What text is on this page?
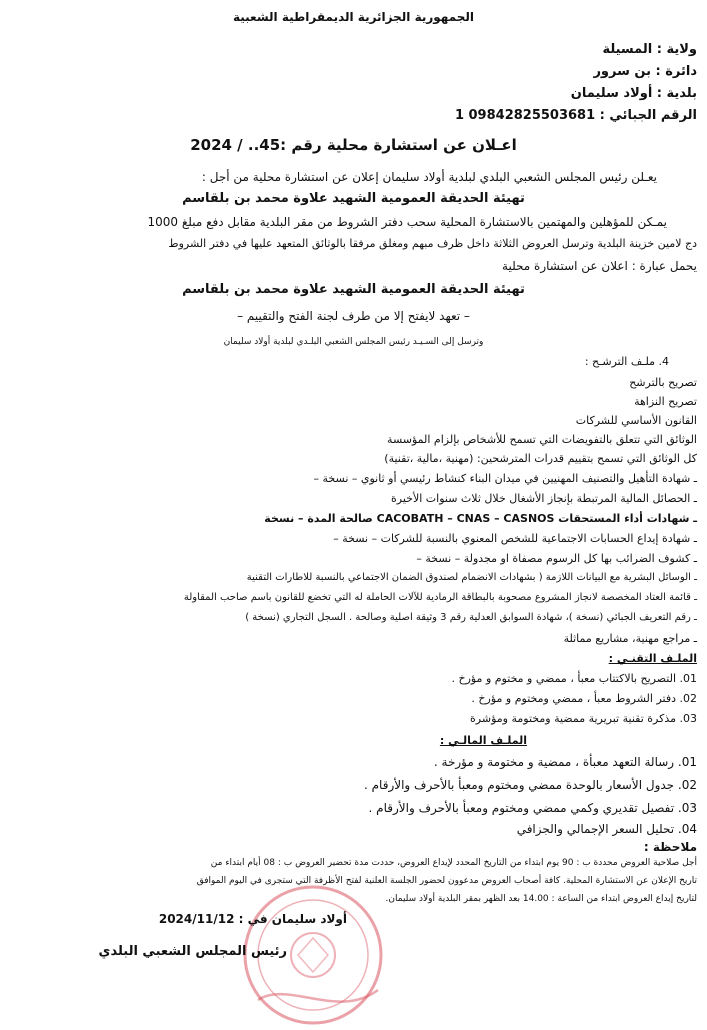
الجمهورية الجزائرية الديمقراطية الشعبية
ولاية : المسيلة
دائرة : بن سرور
بلدية : أولاد سليمان
الرقم الجبائي : 09842825503681 1
اعـلان عن استشارة محلية رقم :45.. / 2024
يعـلن رئيس المجلس الشعبي البلدي لبلدية أولاد سليمان إعلان عن استشارة محلية من أجل :
تهيئة الحديقة العمومية الشهيد علاوة محمد بن بلقاسم
يمـكن للمؤهلين والمهتمين بالاستشارة المحلية سحب دفتر الشروط من مقر البلدية مقابل دفع مبلغ 1000
دج لامين خزينة البلدية وترسل العروض الثلاثة داخل ظرف مبهم ومغلق مرفقا بالوثائق المتعهد عليها في دفتر الشروط
يحمل عبارة : اعلان عن استشارة محلية
تهيئة الحديقة العمومية الشهيد علاوة محمد بن بلقاسم
– تعهد لايفتح إلا من طرف لجنة الفتح والتقييم –
وترسل إلى السـيـد رئيس المجلس الشعبي البلـدي لبلدية أولاد سليمان
4. ملـف الترشـح :
تصريح بالترشح
تصريح النزاهة
القانون الأساسي للشركات
الوثائق التي تتعلق بالتفويضات التي تسمح للأشخاص بإلزام المؤسسة
كل الوثائق التي تسمح بتقييم قدرات المترشحين: (مهنية ،مالية ،تقنية)
ـ شهادة التأهيل والتصنيف المهنيين في ميدان البناء كنشاط رئيسي أو ثانوي – نسخة –
ـ الحصائل المالية المرتبطة بإنجاز الأشغال خلال ثلاث سنوات الأخيرة
ـ شهادات أداء المستحقات CACOBATH – CNAS – CASNOS صالحة المدة – نسخة
ـ شهادة إيداع الحسابات الاجتماعية للشخص المعنوي بالنسبة للشركات – نسخة –
ـ كشوف الضرائب بها كل الرسوم مصفاة او مجدولة – نسخة –
ـ الوسائل البشرية مع البيانات اللازمة ( بشهادات الانضمام لصندوق الضمان الاجتماعي بالنسبة للاطارات التقنية
ـ قائمة العتاد المخصصة لانجاز المشروع مصحوبة بالبطاقة الرمادية للآلات الحاملة له التي تخضع للقانون باسم صاحب المقاولة
ـ رقم التعريف الجبائي (نسخة )، شهادة السوابق العدلية رقم 3 وثيقة اصلية وصالحة . السجل التجاري (نسخة )
ـ مراجع مهنية، مشاريع مماثلة
الملـف التقنـي :
01. التصريح بالاكتتاب معبأ ، ممضي و مختوم و مؤرخ .
02. دفتر الشروط معبأ ، ممضي ومختوم و مؤرخ .
03. مذكرة تقنية تبريرية ممضية ومختومة ومؤشرة
الملـف المالـي :
01. رسالة التعهد معبأة ، ممضية و مختومة و مؤرخة .
02. جدول الأسعار بالوحدة ممضي ومختوم ومعبأ بالأحرف والأرقام .
03. تفصيل تقديري وكمي ممضي ومختوم ومعبأ بالأحرف والأرقام .
04. تحليل السعر الإجمالي والجزافي
ملاحظة :
أجل صلاحية العروض محددة ب : 90 يوم ابتداء من التاريخ المحدد لإيداع العروض، حددت مدة تحضير العروض ب : 08 أيام ابتداء من
تاريخ الإعلان عن الاستشارة المحلية. كافة أصحاب العروض مدعوون لحضور الجلسة العلنية لفتح الأظرفة التي ستجرى في اليوم الموافق
لتاريخ إيداع العروض ابتداء من الساعة : 14.00 بعد الظهر بمقر البلدية أولاد سليمان.
أولاد سليمان في : 2024/11/12
رئيس المجلس الشعبي البلدي
